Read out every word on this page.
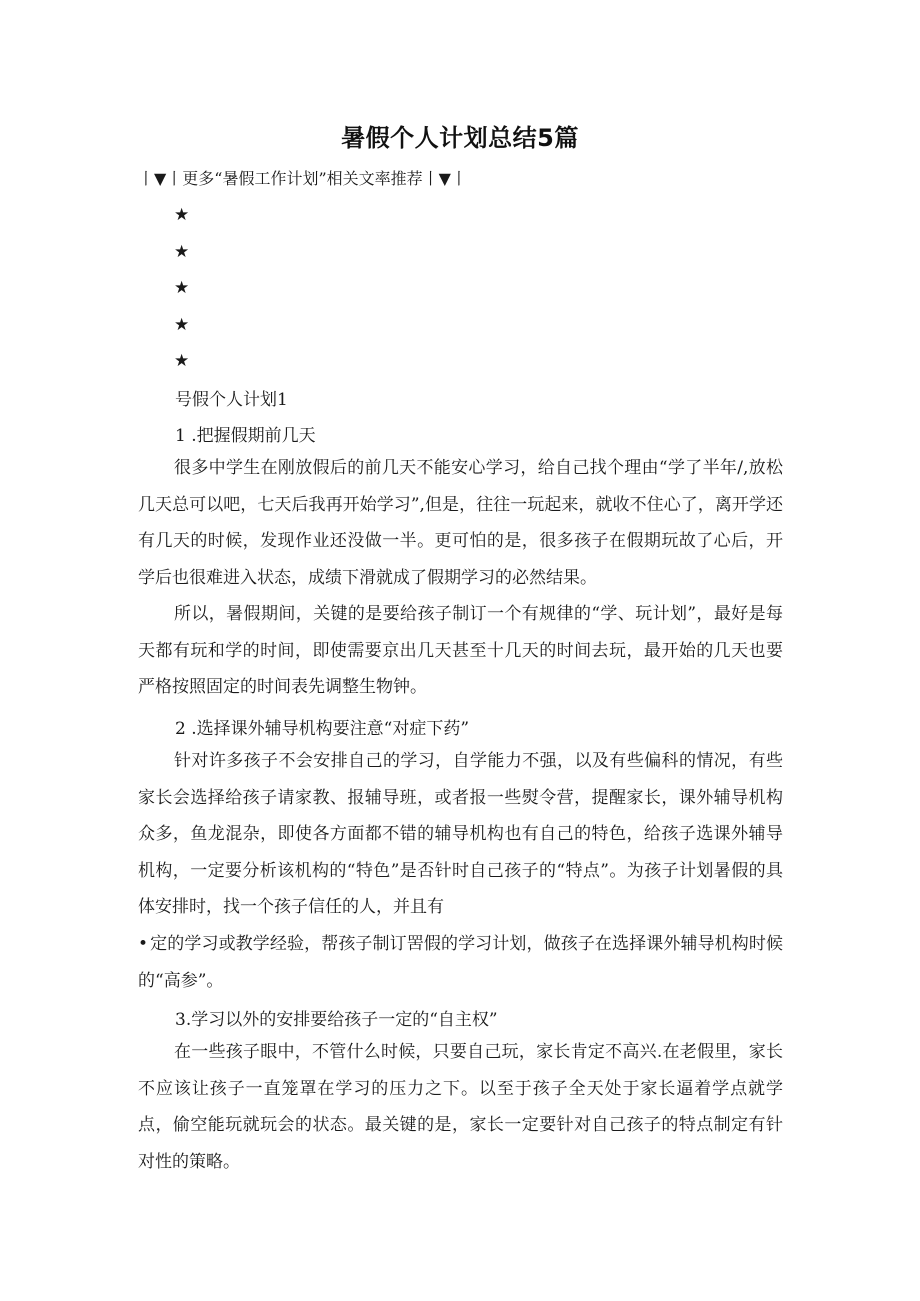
暑假个人计划总结5篇
丨▼丨更多“暑假工作计划”相关文率推荐丨▼丨
★
★
★
★
★
号假个人计划1
1 .把握假期前几天

很多中学生在刚放假后的前几天不能安心学习，给自己找个理由“学了半年/,放松几天总可以吧，七天后我再开始学习”,但是，往往一玩起来，就收不住心了，离开学还有几天的时候，发现作业还没做一半。更可怕的是，很多孩子在假期玩故了心后，开学后也很难进入状态，成绩下滑就成了假期学习的必然结果。

所以，暑假期间，关键的是要给孩子制订一个有规律的“学、玩计划”，最好是每天都有玩和学的时间，即使需要京出几天甚至十几天的时间去玩，最开始的几天也要严格按照固定的时间表先调整生物钟。

2 .选择课外辅导机构要注意“对症下药”

针对许多孩子不会安排自己的学习，自学能力不强，以及有些偏科的情况，有些家长会选择给孩子请家教、报辅导班，或者报一些熨令营，提醒家长，课外辅导机构众多，鱼龙混杂，即使各方面都不错的辅导机构也有自己的特色，给孩子选课外辅导机构，一定要分析该机构的“特色”是否针时自己孩子的“特点”。为孩子计划暑假的具体安排时，找一个孩子信任的人，并且有

• 定的学习或教学经验，帮孩子制订罟假的学习计划，做孩子在选择课外辅导机构时候的“高参”。

3.学习以外的安排要给孩子一定的“自主权”

在一些孩子眼中，不管什么时候，只要自己玩，家长肯定不高兴.在老假里，家长不应该让孩子一直笼罩在学习的压力之下。以至于孩子全天处于家长逼着学点就学点，偷空能玩就玩会的状态。最关键的是，家长一定要针对自己孩子的特点制定有针对性的策略。
